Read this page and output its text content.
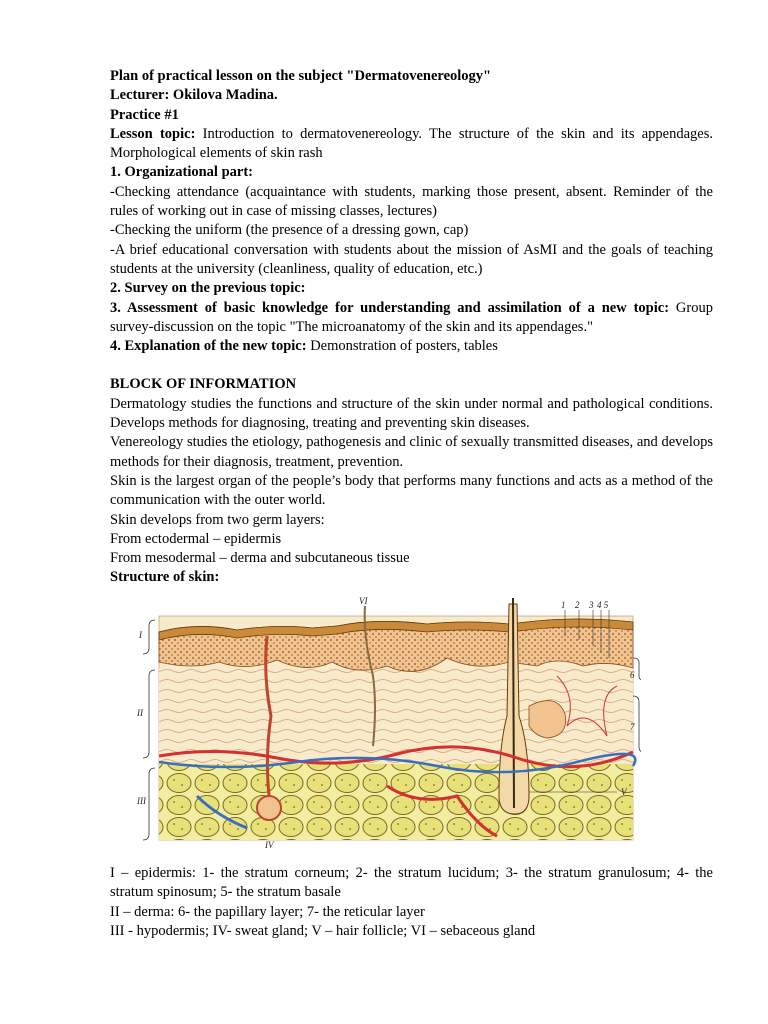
Plan of practical lesson on the subject "Dermatovenereology"

Lecturer: Okilova Madina.

Practice #1

Lesson topic: Introduction to dermatovenereology. The structure of the skin and its appendages. Morphological elements of skin rash

1. Organizational part:

-Checking attendance (acquaintance with students, marking those present, absent. Reminder of the rules of working out in case of missing classes, lectures)

-Checking the uniform (the presence of a dressing gown, cap)

-A brief educational conversation with students about the mission of AsMI and the goals of teaching students at the university (cleanliness, quality of education, etc.)

2. Survey on the previous topic:

3. Assessment of basic knowledge for understanding and assimilation of a new topic: Group survey-discussion on the topic "The microanatomy of the skin and its appendages."

4. Explanation of the new topic: Demonstration of posters, tables

BLOCK OF INFORMATION

Dermatology studies the functions and structure of the skin under normal and pathological conditions. Develops methods for diagnosing, treating and preventing skin diseases.

Venereology studies the etiology, pathogenesis and clinic of sexually transmitted diseases, and develops methods for their diagnosis, treatment, prevention.

Skin is the largest organ of the people’s body that performs many functions and acts as a method of the communication with the outer world.

Skin develops from two germ layers:

From ectodermal – epidermis

From mesodermal – derma and subcutaneous tissue

Structure of skin:

I
II
III
VI
IV
V
1 2 3 4 5
6
7

I – epidermis: 1- the stratum corneum; 2- the stratum lucidum; 3- the stratum granulosum; 4- the stratum spinosum; 5- the stratum basale

II – derma: 6- the papillary layer; 7- the reticular layer

III - hypodermis; IV- sweat gland; V – hair follicle; VI – sebaceous gland
